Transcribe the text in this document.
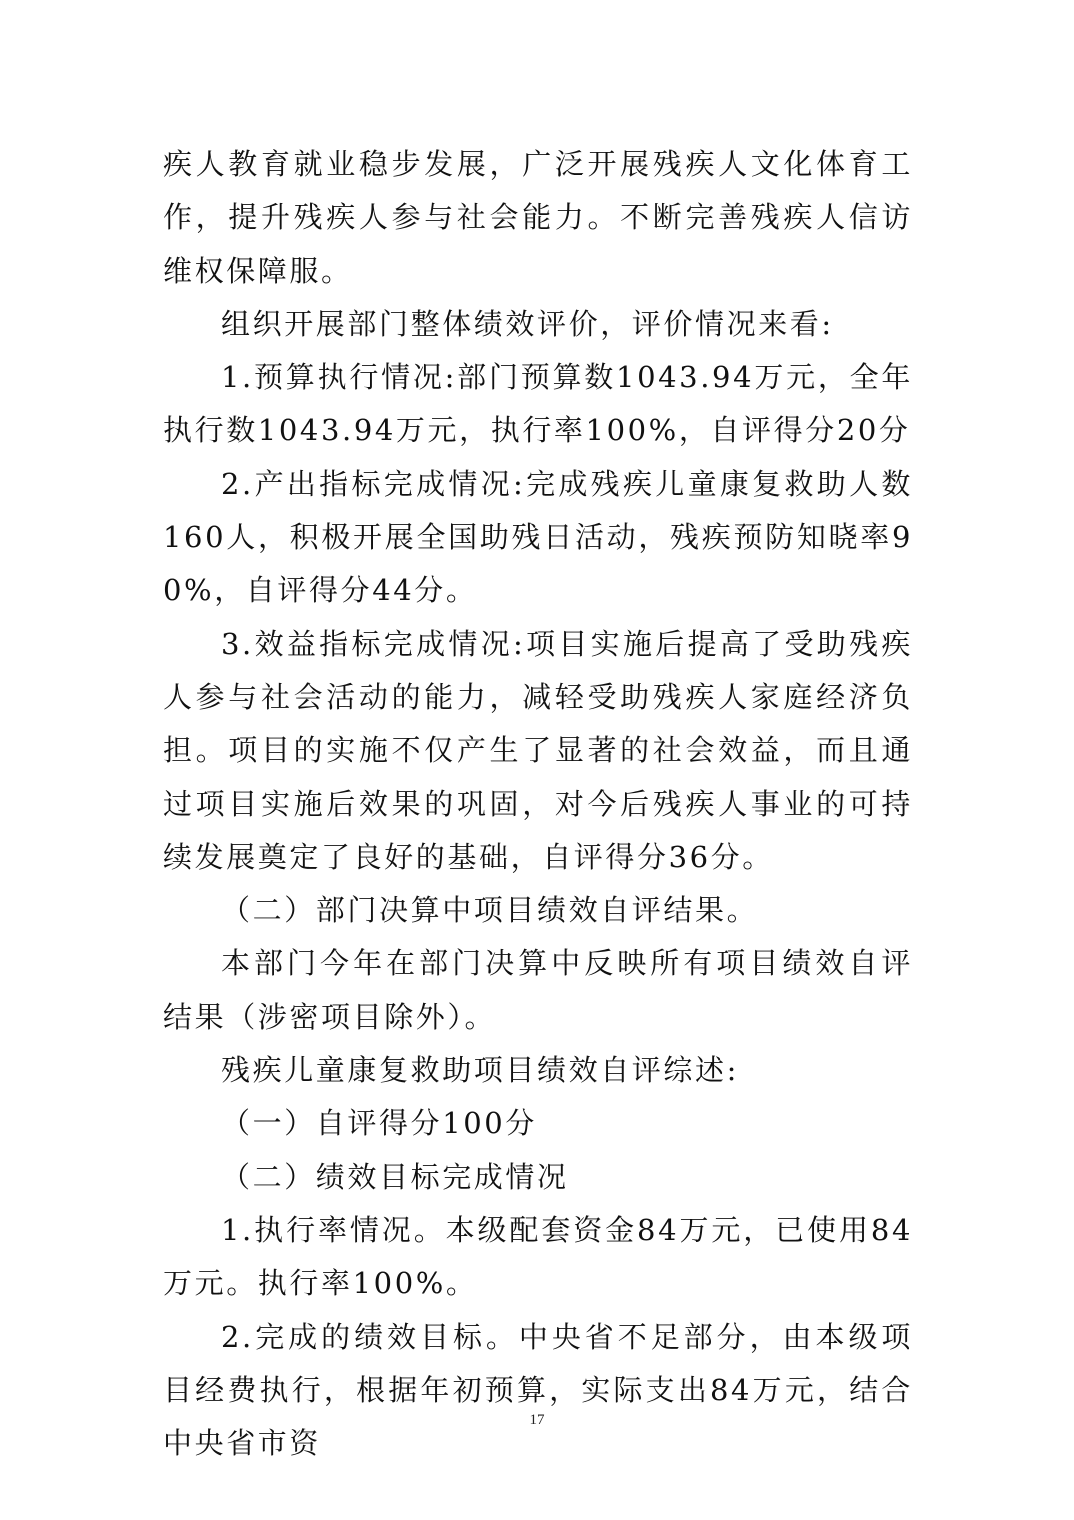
疾人教育就业稳步发展，广泛开展残疾人文化体育工作，提升残疾人参与社会能力。不断完善残疾人信访维权保障服。

组织开展部门整体绩效评价，评价情况来看:

1.预算执行情况:部门预算数1043.94万元，全年执行数1043.94万元，执行率100%，自评得分20分

2.产出指标完成情况:完成残疾儿童康复救助人数160人，积极开展全国助残日活动，残疾预防知晓率90%，自评得分44分。

3.效益指标完成情况:项目实施后提高了受助残疾人参与社会活动的能力，减轻受助残疾人家庭经济负担。项目的实施不仅产生了显著的社会效益，而且通过项目实施后效果的巩固，对今后残疾人事业的可持续发展奠定了良好的基础，自评得分36分。

（二）部门决算中项目绩效自评结果。

本部门今年在部门决算中反映所有项目绩效自评结果（涉密项目除外）。

残疾儿童康复救助项目绩效自评综述:

（一）自评得分100分

（二）绩效目标完成情况

1.执行率情况。本级配套资金84万元，已使用84万元。执行率100%。

2.完成的绩效目标。中央省不足部分，由本级项目经费执行，根据年初预算，实际支出84万元，结合中央省市资

17
